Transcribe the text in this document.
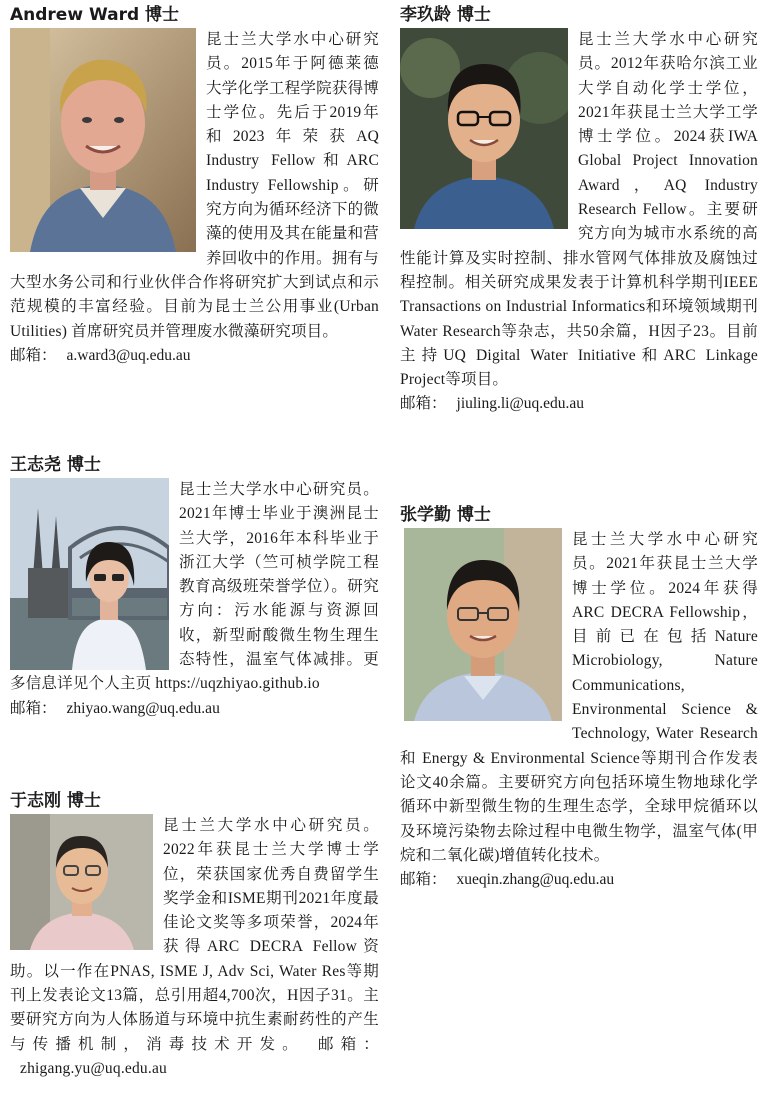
Andrew Ward 博士
昆士兰大学水中心研究员。2015年于阿德莱德大学化学工程学院获得博士学位。先后于2019年和2023年荣获AQ Industry Fellow和ARC Industry Fellowship。研究方向为循环经济下的微藻的使用及其在能量和营养回收中的作用。拥有与大型水务公司和行业伙伴合作将研究扩大到试点和示范规模的丰富经验。目前为昆士兰公用事业(Urban Utilities) 首席研究员并管理废水微藻研究项目。
邮箱： a.ward3@uq.edu.au
王志尧 博士
昆士兰大学水中心研究员。2021年博士毕业于澳洲昆士兰大学，2016年本科毕业于浙江大学（竺可桢学院工程教育高级班荣誉学位）。研究方向：污水能源与资源回收，新型耐酸微生物生理生态特性，温室气体减排。更多信息详见个人主页 https://uqzhiyao.github.io
邮箱： zhiyao.wang@uq.edu.au
于志刚 博士
昆士兰大学水中心研究员。2022年获昆士兰大学博士学位，荣获国家优秀自费留学生奖学金和ISME期刊2021年度最佳论文奖等多项荣誉，2024年获得ARC DECRA Fellow资助。以一作在PNAS, ISME J, Adv Sci, Water Res等期刊上发表论文13篇，总引用超4,700次，H因子31。主要研究方向为人体肠道与环境中抗生素耐药性的产生与传播机制，消毒技术开发。 邮箱：zhigang.yu@uq.edu.au
李玖龄 博士
昆士兰大学水中心研究员。2012年获哈尔滨工业大学自动化学士学位，2021年获昆士兰大学工学博士学位。2024获IWA Global Project Innovation Award，AQ Industry Research Fellow。主要研究方向为城市水系统的高性能计算及实时控制、排水管网气体排放及腐蚀过程控制。相关研究成果发表于计算机科学期刊IEEE Transactions on Industrial Informatics和环境领域期刊Water Research等杂志，共50余篇，H因子23。目前主持UQ Digital Water Initiative和ARC Linkage Project等项目。
邮箱： jiuling.li@uq.edu.au
张学勤 博士
昆士兰大学水中心研究员。2021年获昆士兰大学博士学位。2024年获得ARC DECRA Fellowship，目前已在包括Nature Microbiology, Nature Communications, Environmental Science & Technology, Water Research 和 Energy & Environmental Science等期刊合作发表论文40余篇。主要研究方向包括环境生物地球化学循环中新型微生物的生理生态学，全球甲烷循环以及环境污染物去除过程中电微生物学，温室气体(甲烷和二氧化碳)增值转化技术。
邮箱： xueqin.zhang@uq.edu.au
